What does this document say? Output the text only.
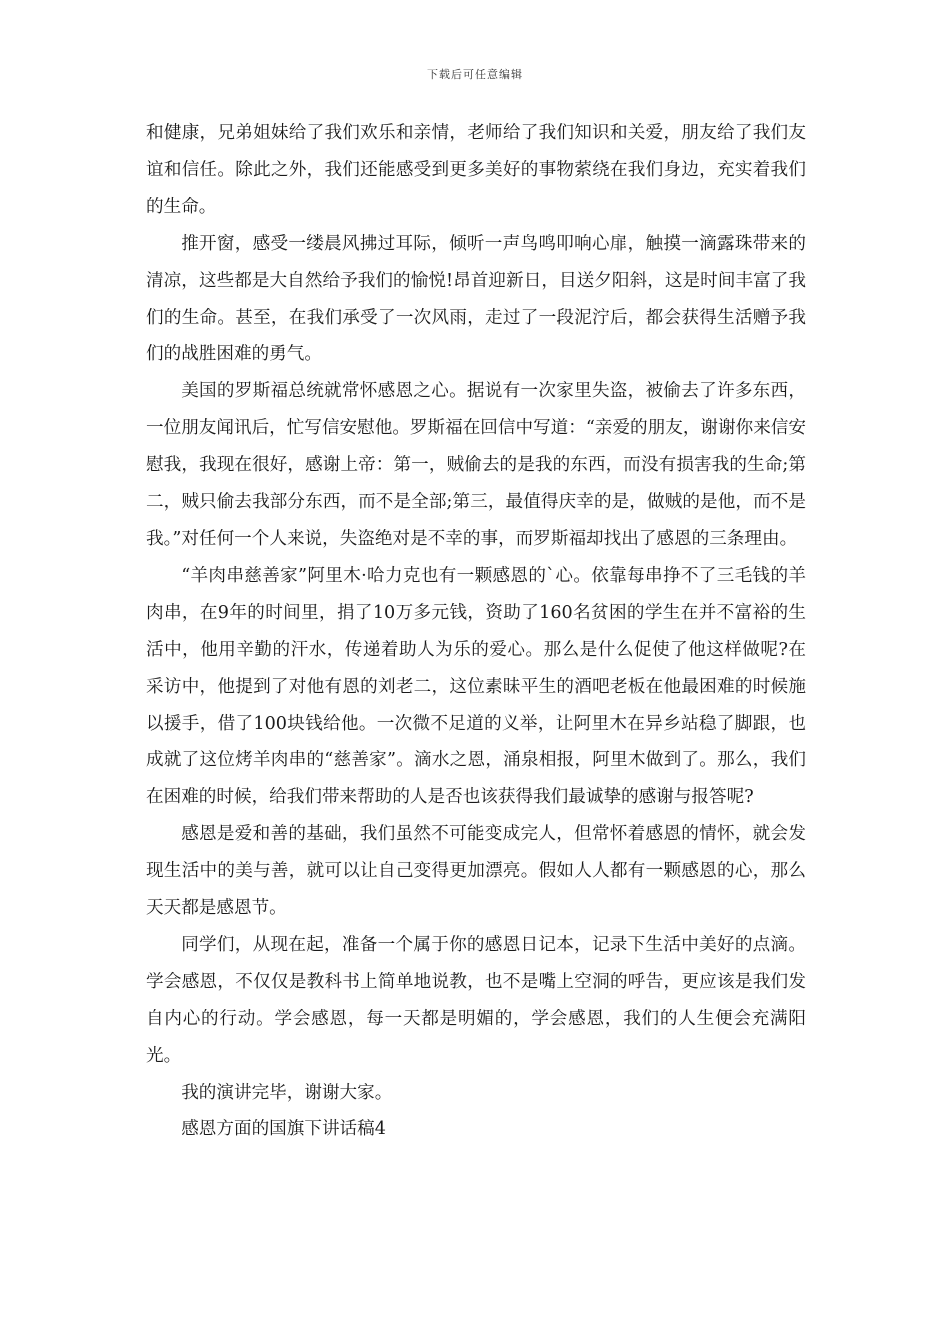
下载后可任意编辑

和健康，兄弟姐妹给了我们欢乐和亲情，老师给了我们知识和关爱，朋友给了我们友谊和信任。除此之外，我们还能感受到更多美好的事物萦绕在我们身边，充实着我们的生命。

推开窗，感受一缕晨风拂过耳际，倾听一声鸟鸣叩响心扉，触摸一滴露珠带来的清凉，这些都是大自然给予我们的愉悦!昂首迎新日，目送夕阳斜，这是时间丰富了我们的生命。甚至，在我们承受了一次风雨，走过了一段泥泞后，都会获得生活赠予我们的战胜困难的勇气。

美国的罗斯福总统就常怀感恩之心。据说有一次家里失盗，被偷去了许多东西，一位朋友闻讯后，忙写信安慰他。罗斯福在回信中写道：“亲爱的朋友，谢谢你来信安慰我，我现在很好，感谢上帝：第一，贼偷去的是我的东西，而没有损害我的生命;第二，贼只偷去我部分东西，而不是全部;第三，最值得庆幸的是，做贼的是他，而不是我。”对任何一个人来说，失盗绝对是不幸的事，而罗斯福却找出了感恩的三条理由。

“羊肉串慈善家”阿里木·哈力克也有一颗感恩的`心。依靠每串挣不了三毛钱的羊肉串，在9年的时间里，捐了10万多元钱，资助了160名贫困的学生在并不富裕的生活中，他用辛勤的汗水，传递着助人为乐的爱心。那么是什么促使了他这样做呢?在采访中，他提到了对他有恩的刘老二，这位素昧平生的酒吧老板在他最困难的时候施以援手，借了100块钱给他。一次微不足道的义举，让阿里木在异乡站稳了脚跟，也成就了这位烤羊肉串的“慈善家”。滴水之恩，涌泉相报，阿里木做到了。那么，我们在困难的时候，给我们带来帮助的人是否也该获得我们最诚挚的感谢与报答呢?

感恩是爱和善的基础，我们虽然不可能变成完人，但常怀着感恩的情怀，就会发现生活中的美与善，就可以让自己变得更加漂亮。假如人人都有一颗感恩的心，那么天天都是感恩节。

同学们，从现在起，准备一个属于你的感恩日记本，记录下生活中美好的点滴。学会感恩，不仅仅是教科书上简单地说教，也不是嘴上空洞的呼告，更应该是我们发自内心的行动。学会感恩，每一天都是明媚的，学会感恩，我们的人生便会充满阳光。

我的演讲完毕，谢谢大家。

感恩方面的国旗下讲话稿4
